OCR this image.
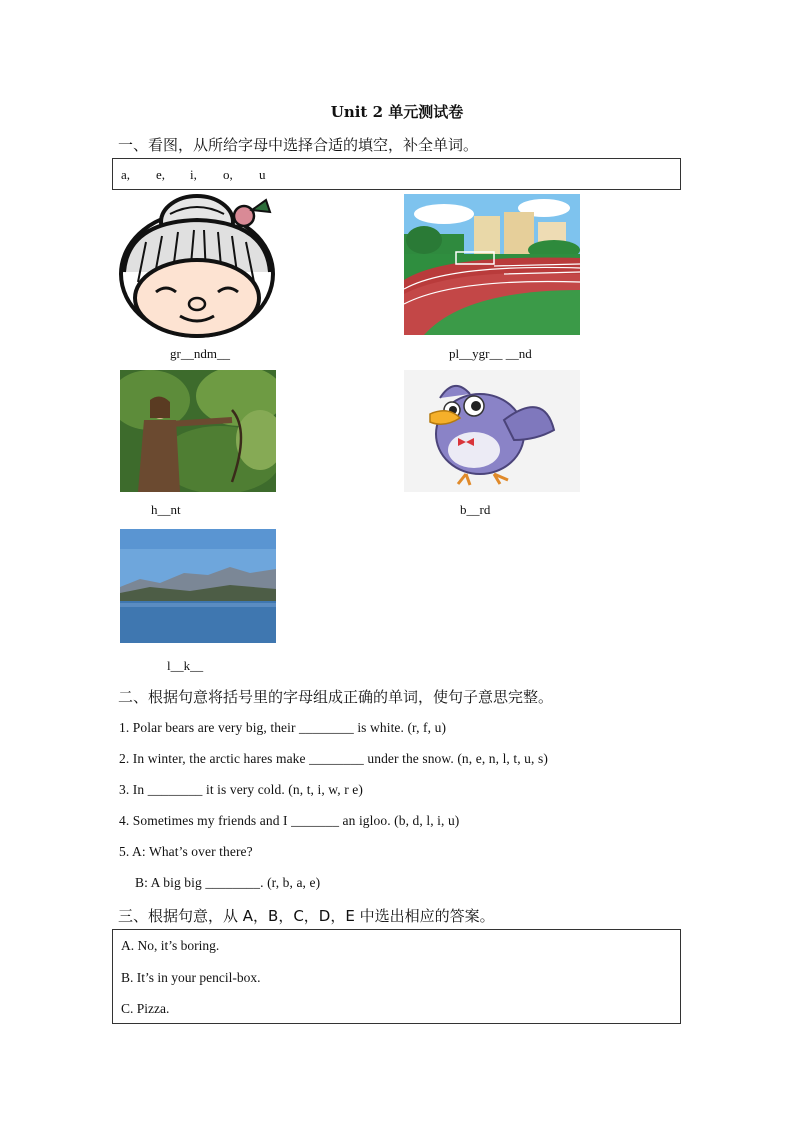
Unit 2 单元测试卷
一、看图，从所给字母中选择合适的填空，补全单词。
a, e, i, o, u
gr__ndm__	pl__ygr__ __nd
h__nt	b__rd
l__k__
二、根据句意将括号里的字母组成正确的单词，使句子意思完整。
1. Polar bears are very big, their ________ is white. (r, f, u)
2. In winter, the arctic hares make ________ under the snow. (n, e, n, l, t, u, s)
3. In ________ it is very cold. (n, t, i, w, r e)
4. Sometimes my friends and I _______ an igloo. (b, d, l, i, u)
5. A: What’s over there?
B: A big big ________. (r, b, a, e)
三、根据句意，从 A，B，C，D，E 中选出相应的答案。
A. No, it’s boring.
B. It’s in your pencil-box.
C. Pizza.
